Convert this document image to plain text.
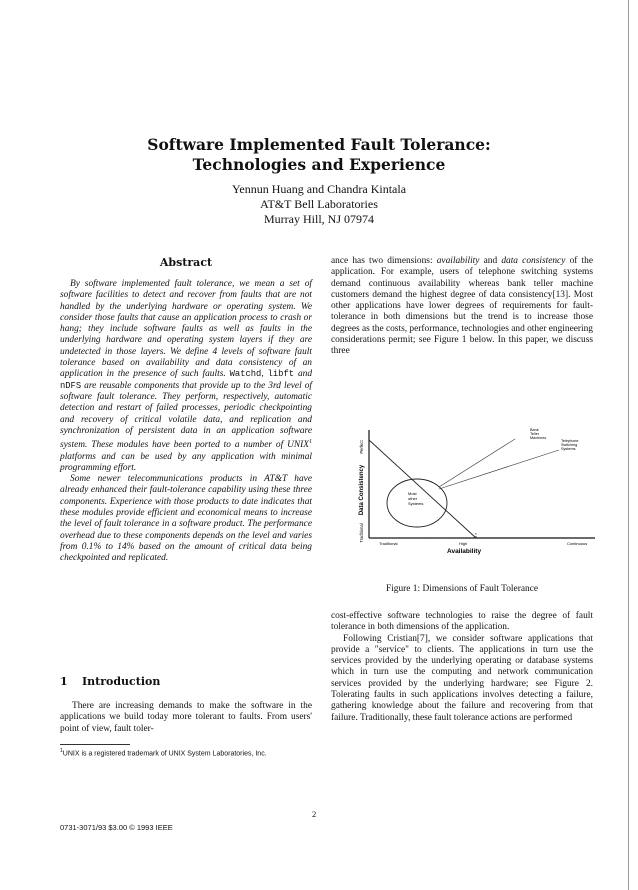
Software Implemented Fault Tolerance:
Technologies and Experience
Yennun Huang and Chandra Kintala
AT&T Bell Laboratories
Murray Hill, NJ 07974
Abstract

By software implemented fault tolerance, we mean a set of software facilities to detect and recover from faults that are not handled by the underlying hardware or operating system. We consider those faults that cause an application process to crash or hang; they include software faults as well as faults in the underlying hardware and operating system layers if they are undetected in those layers. We define 4 levels of software fault tolerance based on availability and data consistency of an application in the presence of such faults. Watchd, libft and nDFS are reusable components that provide up to the 3rd level of software fault tolerance. They perform, respectively, automatic detection and restart of failed processes, periodic checkpointing and recovery of critical volatile data, and replication and synchronization of persistent data in an application software system. These modules have been ported to a number of UNIX$^1$ platforms and can be used by any application with minimal programming effort.

Some newer telecommunications products in AT&T have already enhanced their fault-tolerance capability using these three components. Experience with those products to date indicates that these modules provide efficient and economical means to increase the level of fault tolerance in a software product. The performance overhead due to these components depends on the level and varies from 0.1% to 14% based on the amount of critical data being checkpointed and replicated.

1 Introduction

There are increasing demands to make the software in the applications we build today more tolerant to faults. From users' point of view, fault toler-

$^1$UNIX is a registered trademark of UNIX System Laboratories, Inc.
0731-3071/93 $3.00 © 1993 IEEE
2

ance has two dimensions: availability and data consistency of the application. For example, users of telephone switching systems demand continuous availability whereas bank teller machine customers demand the highest degree of data consistency[13]. Most other applications have lower degrees of requirements for fault-tolerance in both dimensions but the trend is to increase those degrees as the costs, performance, technologies and other engineering considerations permit; see Figure 1 below. In this paper, we discuss three

Perfect
Traditional
Data Consistency
Traditional	High	Continuous
Availability
Most
other
Systems
Bank
Teller
Machines
Telephone
Switching
Systems
Figure 1: Dimensions of Fault Tolerance

cost-effective software technologies to raise the degree of fault tolerance in both dimensions of the application.

Following Cristian[7], we consider software applications that provide a "service" to clients. The applications in turn use the services provided by the underlying operating or database systems which in turn use the computing and network communication services provided by the underlying hardware; see Figure 2. Tolerating faults in such applications involves detecting a failure, gathering knowledge about the failure and recovering from that failure. Traditionally, these fault tolerance actions are performed
